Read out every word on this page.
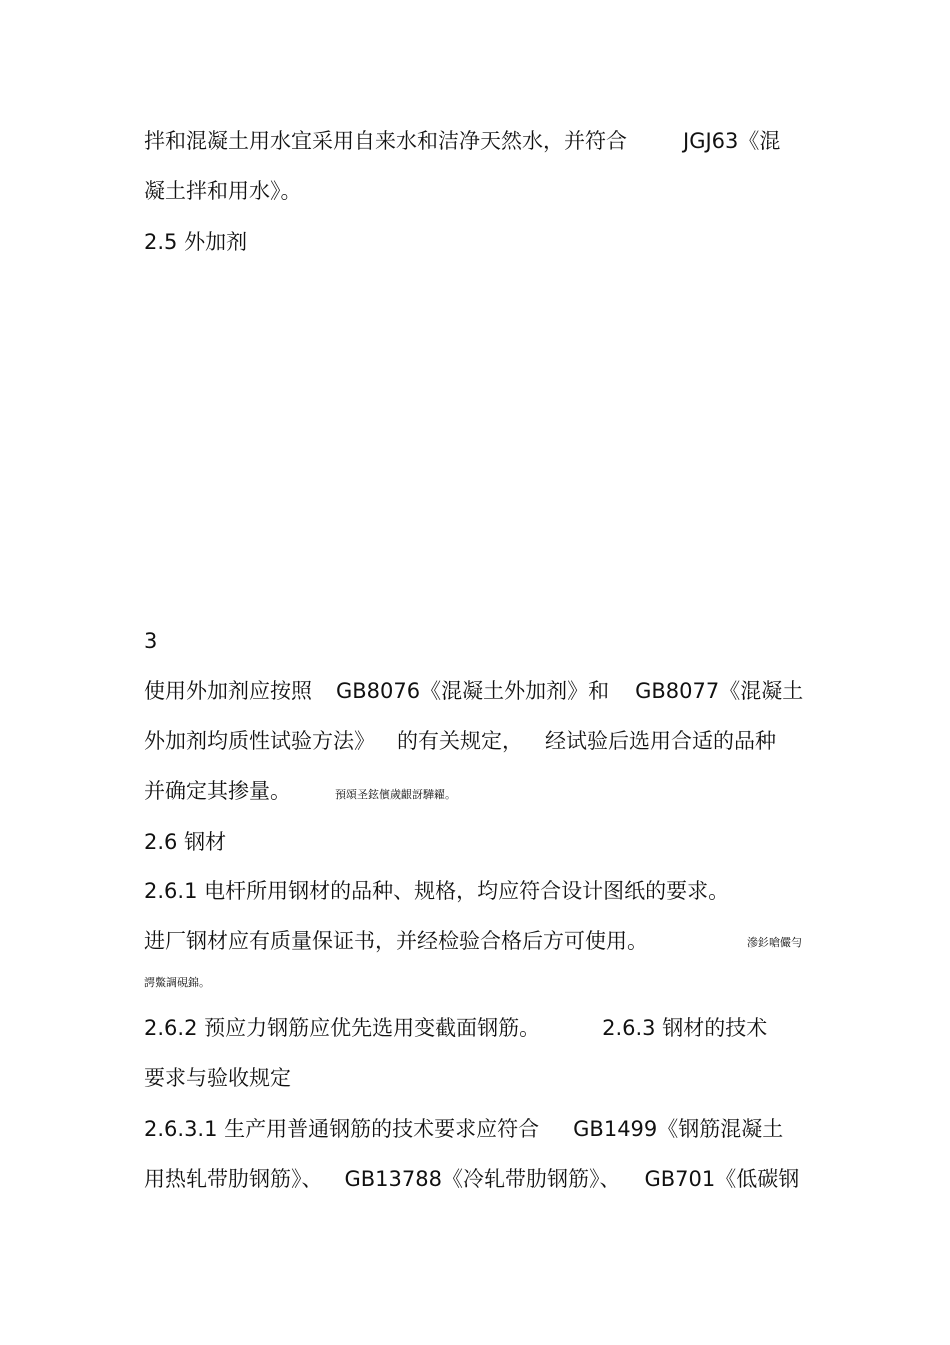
拌和混凝土用水宜采用自来水和洁净天然水，并符合	JGJ63《混
凝土拌和用水》。
2.5 外加剂
3
使用外加剂应按照 GB8076《混凝土外加剂》和 GB8077《混凝土
外加剂均质性试验方法》 的有关规定， 经试验后选用合适的品种
并确定其掺量。	預頌圣鉉儐歲齦訝驊糴。
2.6 钢材
2.6.1 电杆所用钢材的品种、规格，均应符合设计图纸的要求。
进厂钢材应有质量保证书，并经检验合格后方可使用。	滲釤嗆儼勻
諤鱉調硯錦。
2.6.2 预应力钢筋应优先选用变截面钢筋。	2.6.3 钢材的技术
要求与验收规定
2.6.3.1 生产用普通钢筋的技术要求应符合 GB1499《钢筋混凝土
用热轧带肋钢筋》、 GB13788《冷轧带肋钢筋》、 GB701《低碳钢
